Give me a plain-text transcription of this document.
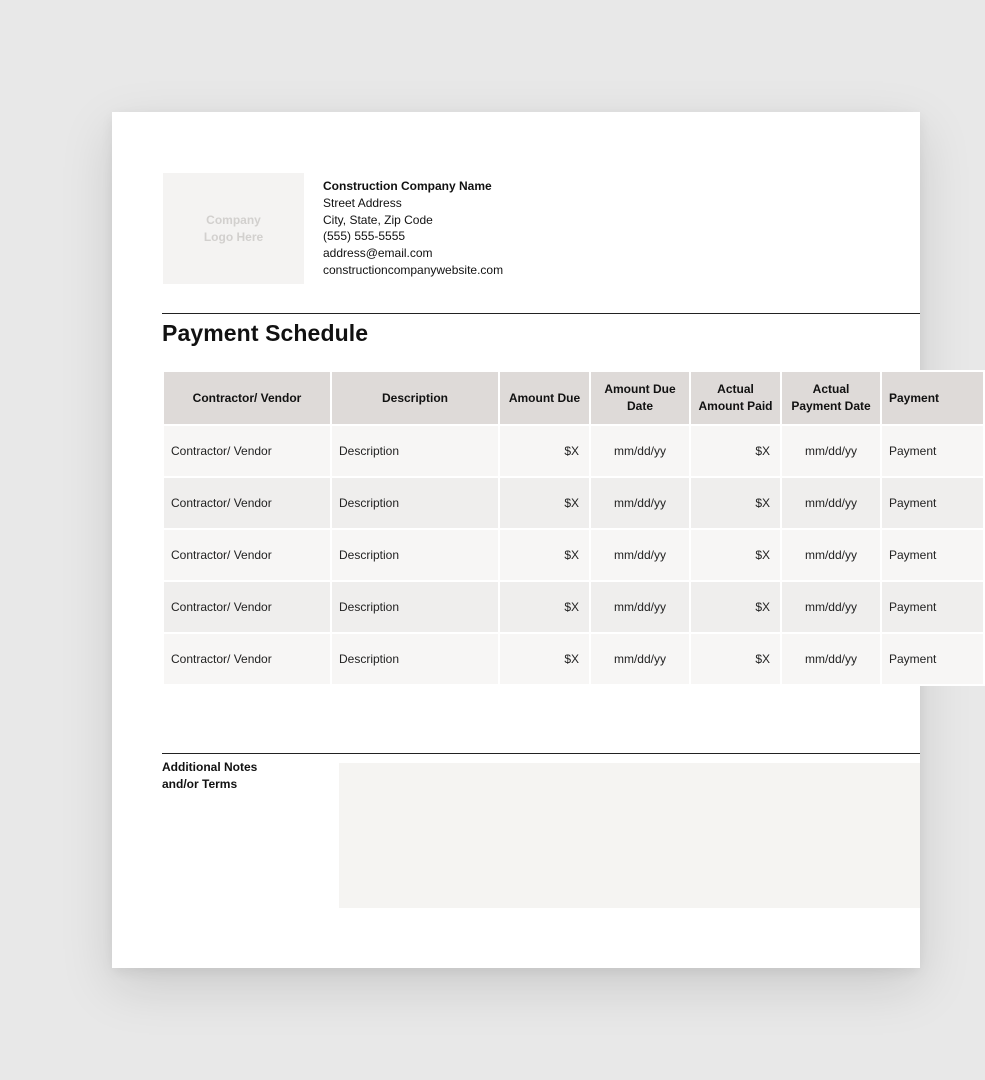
Company
Logo Here
Construction Company Name
Street Address
City, State, Zip Code
(555) 555-5555
address@email.com
constructioncompanywebsite.com
Payment Schedule
Contractor/ Vendor	Description	Amount Due	Amount Due Date	Actual Amount Paid	Actual Payment Date	Payment
Contractor/ Vendor	Description	$X	mm/dd/yy	$X	mm/dd/yy	Payment
Contractor/ Vendor	Description	$X	mm/dd/yy	$X	mm/dd/yy	Payment
Contractor/ Vendor	Description	$X	mm/dd/yy	$X	mm/dd/yy	Payment
Contractor/ Vendor	Description	$X	mm/dd/yy	$X	mm/dd/yy	Payment
Contractor/ Vendor	Description	$X	mm/dd/yy	$X	mm/dd/yy	Payment
Additional Notes
and/or Terms
